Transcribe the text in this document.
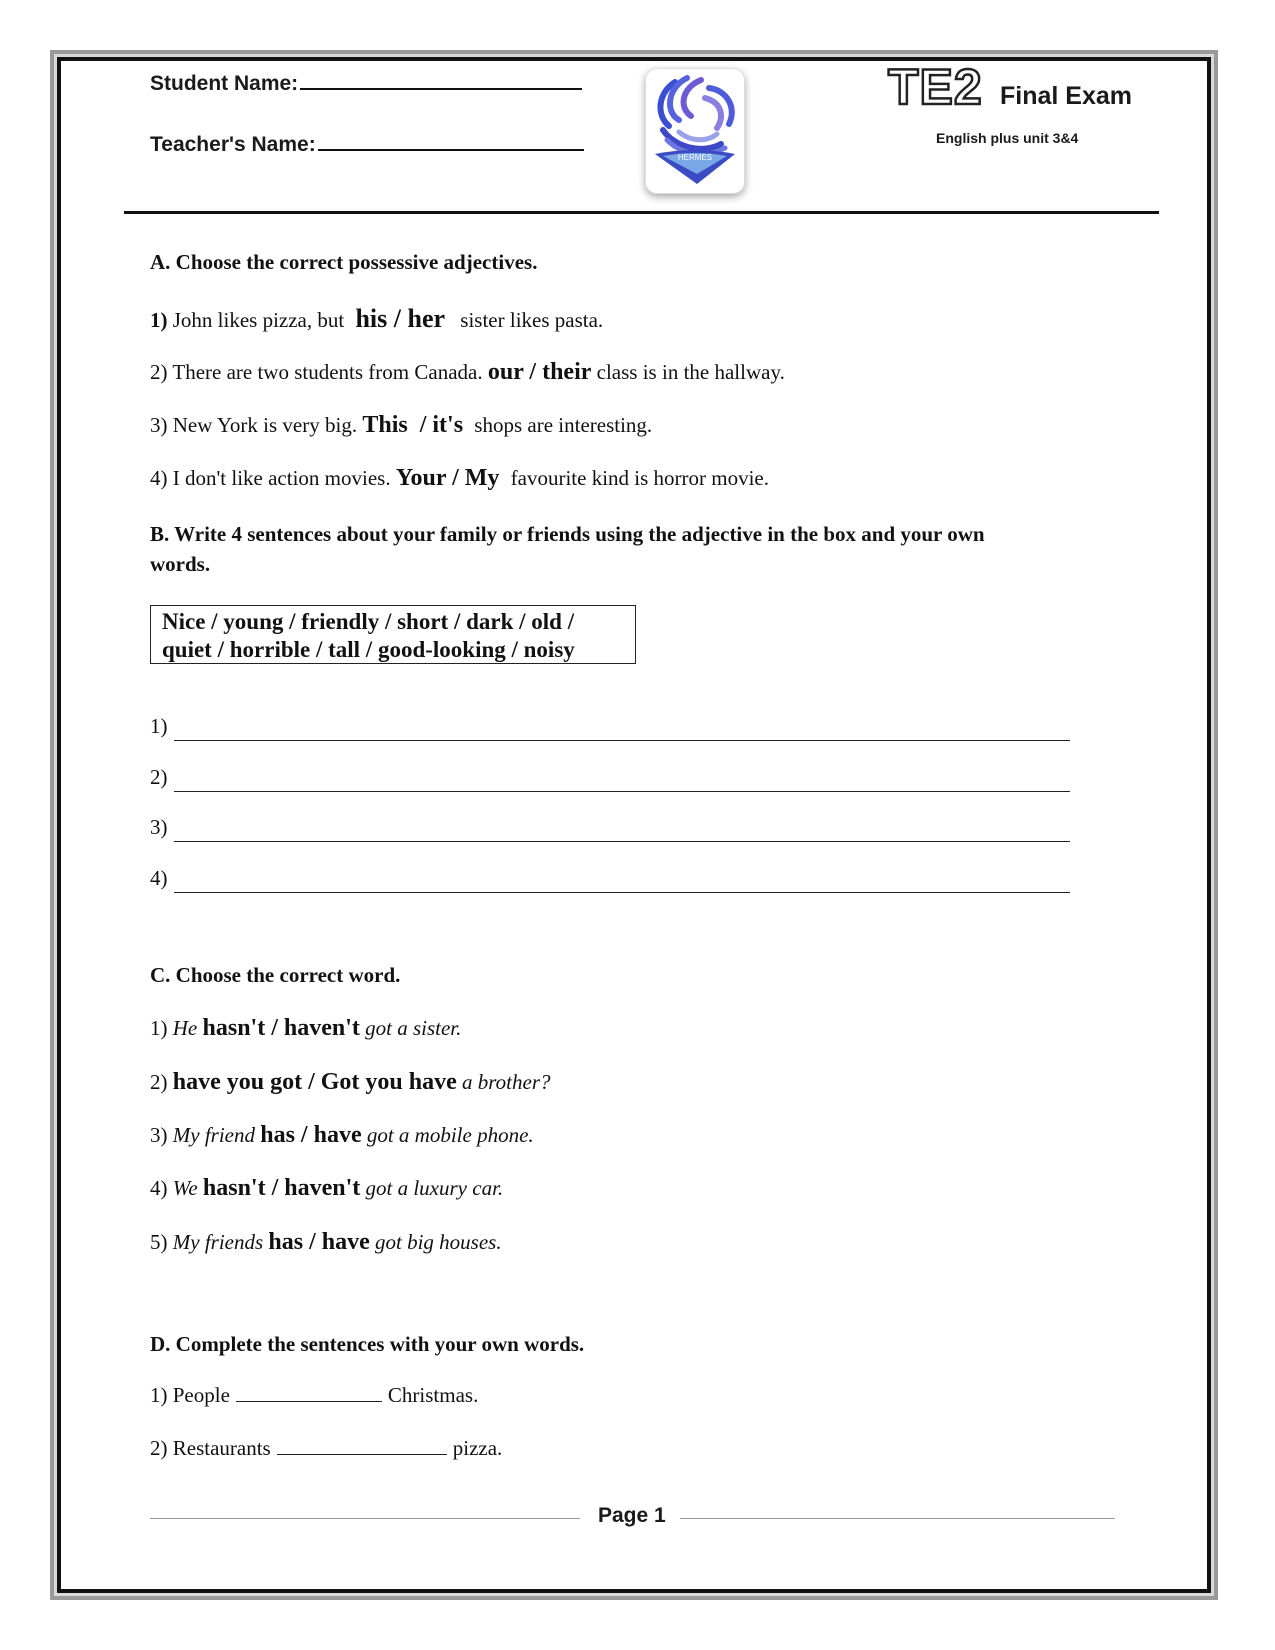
Student Name:
Teacher's Name:
HERMES
TE2 Final Exam
English plus unit 3&4
A. Choose the correct possessive adjectives.
1) John likes pizza, but his / her sister likes pasta.
2) There are two students from Canada. our / their class is in the hallway.
3) New York is very big. This  / it's shops are interesting.
4) I don't like action movies. Your / My favourite kind is horror movie.
B. Write 4 sentences about your family or friends using the adjective in the box and your own
words.
Nice / young / friendly / short / dark / old /
quiet / horrible / tall / good-looking / noisy
1)
2)
3)
4)
C. Choose the correct word.
1) He hasn't / haven't got a sister.
2) have you got / Got you have a brother?
3) My friend has / have got a mobile phone.
4) We hasn't / haven't got a luxury car.
5) My friends has / have got big houses.
D. Complete the sentences with your own words.
1) People	Christmas.
2) Restaurants	pizza.
Page 1
